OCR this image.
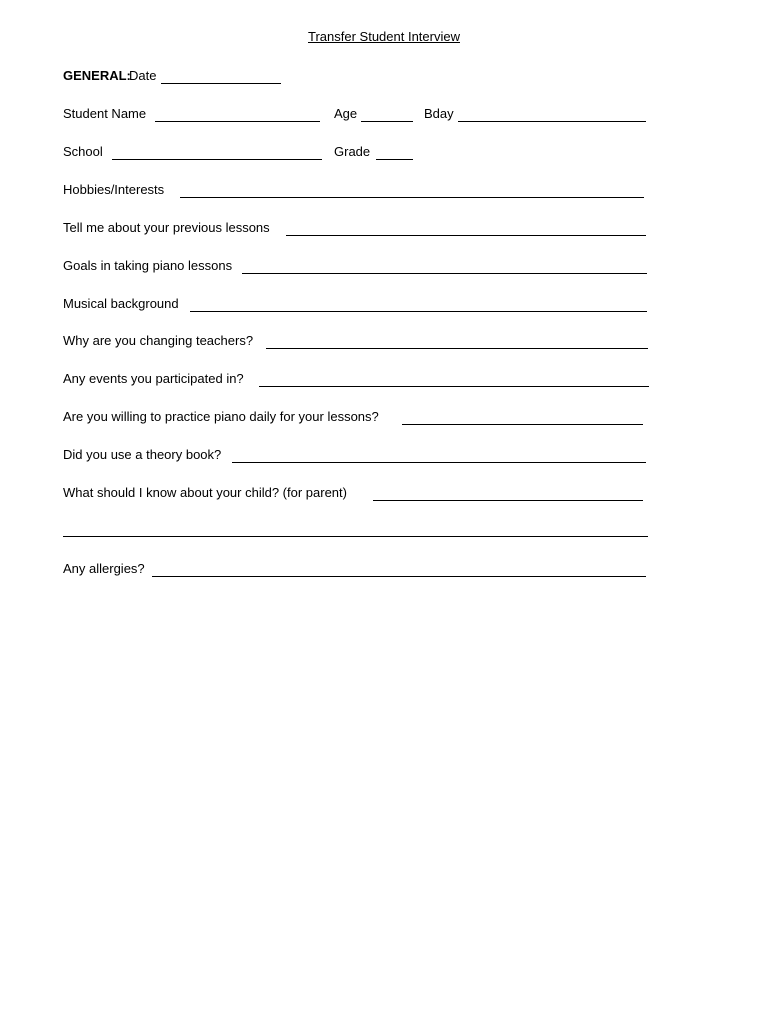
Transfer Student Interview
GENERAL:
Date
Student Name	Age	Bday
School	Grade
Hobbies/Interests
Tell me about your previous lessons
Goals in taking piano lessons
Musical background
Why are you changing teachers?
Any events you participated in?
Are you willing to practice piano daily for your lessons?
Did you use a theory book?
What should I know about your child? (for parent)
Any allergies?
